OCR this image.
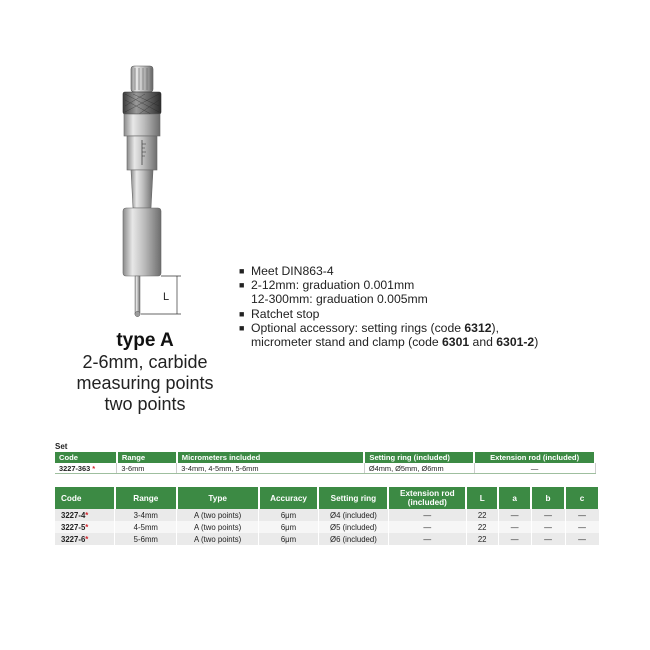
L
type A
2-6mm, carbide
measuring points
two points
■ Meet DIN863-4
■ 2-12mm: graduation 0.001mm
12-300mm: graduation 0.005mm
■ Ratchet stop
■ Optional accessory: setting rings (code 6312),
micrometer stand and clamp (code 6301 and 6301-2)
Set
Code	Range	Micrometers included	Setting ring (included)	Extension rod (included)
3227-363 *	3-6mm	3-4mm, 4-5mm, 5-6mm	Ø4mm, Ø5mm, Ø6mm	—
Code	Range	Type	Accuracy	Setting ring	Extension rod (included)	L	a	b	c
3227-4*	3-4mm	A (two points)	6μm	Ø4 (included)	—	22	—	—	—
3227-5*	4-5mm	A (two points)	6μm	Ø5 (included)	—	22	—	—	—
3227-6*	5-6mm	A (two points)	6μm	Ø6 (included)	—	22	—	—	—
